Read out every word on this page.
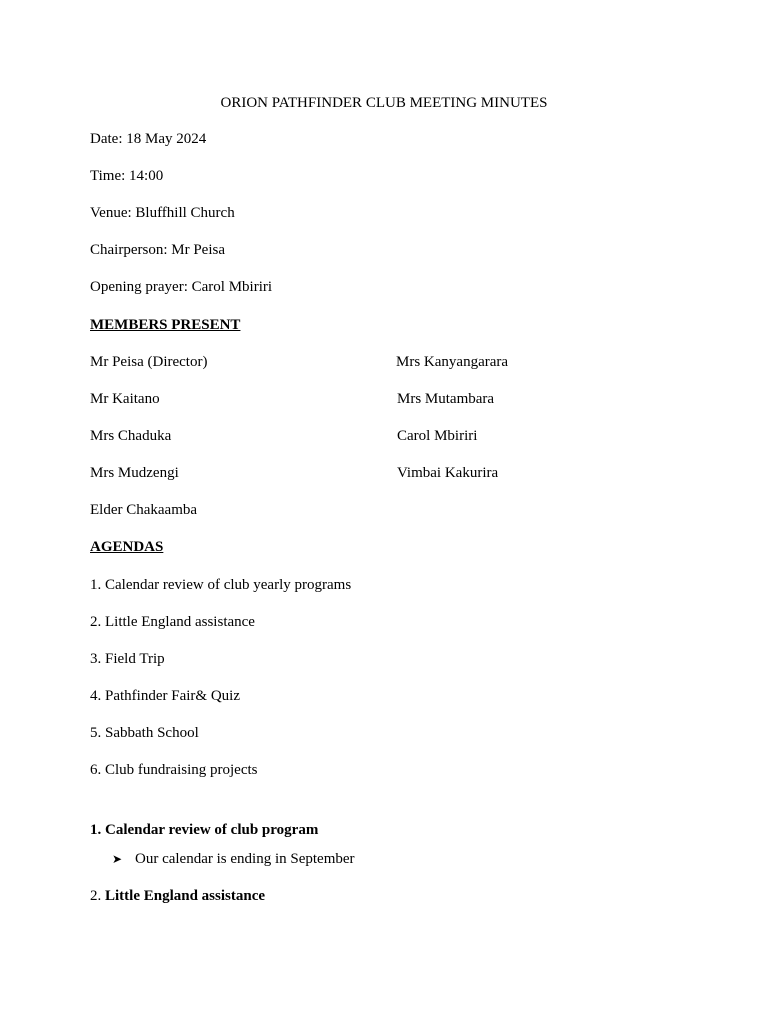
ORION PATHFINDER CLUB MEETING MINUTES
Date: 18 May 2024
Time: 14:00
Venue: Bluffhill Church
Chairperson: Mr Peisa
Opening prayer: Carol Mbiriri
MEMBERS PRESENT
Mr Peisa (Director)	Mrs Kanyangarara
Mr Kaitano	Mrs Mutambara
Mrs Chaduka	Carol Mbiriri
Mrs Mudzengi	Vimbai Kakurira
Elder Chakaamba
AGENDAS
1. Calendar review of club yearly programs
2. Little England assistance
3. Field Trip
4. Pathfinder Fair& Quiz
5. Sabbath School
6. Club fundraising projects
1. Calendar review of club program
➤ Our calendar is ending in September
2. Little England assistance
